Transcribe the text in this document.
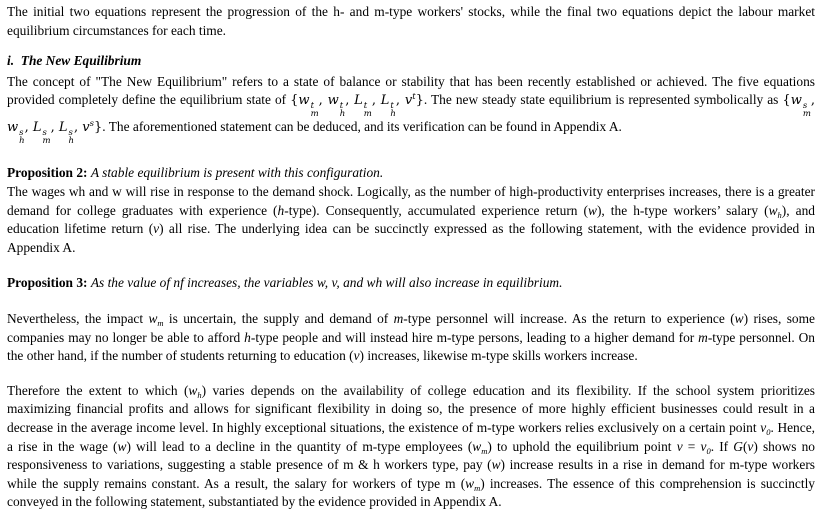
The initial two equations represent the progression of the h- and m-type workers' stocks, while the final two equations depict the labour market equilibrium circumstances for each time.

i.  The New Equilibrium

The concept of "The New Equilibrium" refers to a state of balance or stability that has been recently established or achieved. The five equations provided completely define the equilibrium state of {w t
m
, w t
h
, L t
m
, L t
h
, $v^t$}. The new steady state equilibrium is represented symbolically as {w s
m
, w s
h
, L s
m
, L s
h
, $v^s$}. The aforementioned statement can be deduced, and its verification can be found in Appendix A.

Proposition 2: A stable equilibrium is present with this configuration.

The wages wh and w will rise in response to the demand shock. Logically, as the number of high-productivity enterprises increases, there is a greater demand for college graduates with experience (h-type). Consequently, accumulated experience return (w), the h-type workers’ salary $(w_h)$, and education lifetime return (v) all rise. The underlying idea can be succinctly expressed as the following statement, with the evidence provided in Appendix A.

Proposition 3: As the value of nf increases, the variables w, v, and wh will also increase in equilibrium.

Nevertheless, the impact $w_m$ is uncertain, the supply and demand of m-type personnel will increase. As the return to experience (w) rises, some companies may no longer be able to afford h-type people and will instead hire m-type persons, leading to a higher demand for m-type personnel. On the other hand, if the number of students returning to education (v) increases, likewise m-type skills workers increase.

Therefore the extent to which $(w_h)$ varies depends on the availability of college education and its flexibility. If the school system prioritizes maximizing financial profits and allows for significant flexibility in doing so, the presence of more highly efficient businesses could result in a decrease in the average income level. In highly exceptional situations, the existence of m-type workers relies exclusively on a certain point $v_0$. Hence, a rise in the wage (w) will lead to a decline in the quantity of m-type employees $(w_m)$ to uphold the equilibrium point $v = v_0$. If G(v) shows no responsiveness to variations, suggesting a stable presence of m & h workers type, pay (w) increase results in a rise in demand for m-type workers while the supply remains constant. As a result, the salary for workers of type m $(w_m)$ increases. The essence of this comprehension is succinctly conveyed in the following statement, substantiated by the evidence provided in Appendix A.
